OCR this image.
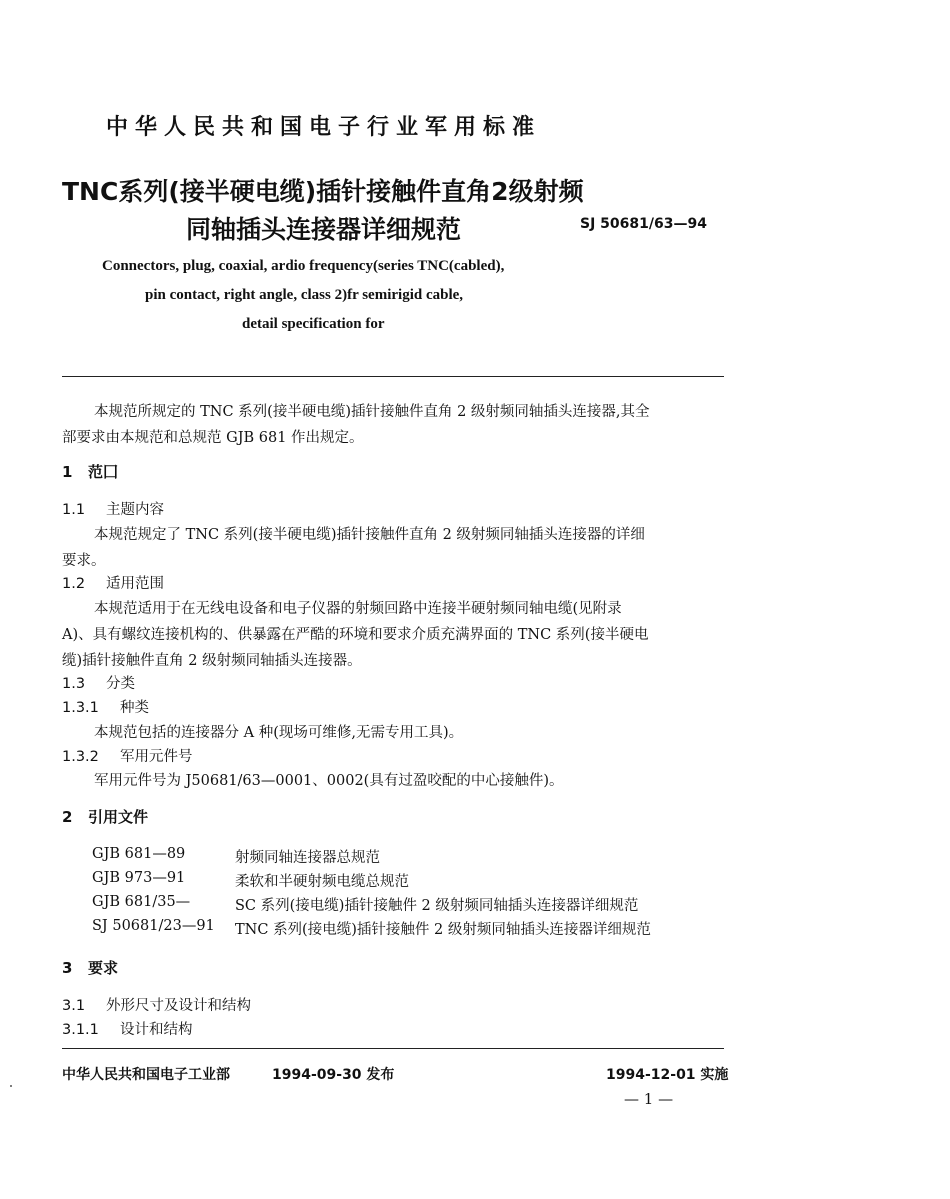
中华人民共和国电子行业军用标准
TNC系列(接半硬电缆)插针接触件直角2级射频
同轴插头连接器详细规范	SJ 50681/63—94
Connectors, plug, coaxial, ardio frequency(series TNC(cabled),
pin contact, right angle, class 2)fr semirigid cable,
detail specification for
本规范所规定的 TNC 系列(接半硬电缆)插针接触件直角 2 级射频同轴插头连接器,其全
部要求由本规范和总规范 GJB 681 作出规定。
1 范囗
1.1 主题内容
本规范规定了 TNC 系列(接半硬电缆)插针接触件直角 2 级射频同轴插头连接器的详细
要求。
1.2 适用范围
本规范适用于在无线电设备和电子仪器的射频回路中连接半硬射频同轴电缆(见附录
A)、具有螺纹连接机构的、供暴露在严酷的环境和要求介质充满界面的 TNC 系列(接半硬电
缆)插针接触件直角 2 级射频同轴插头连接器。
1.3 分类
1.3.1 种类
本规范包括的连接器分 A 种(现场可维修,无需专用工具)。
1.3.2 军用元件号
军用元件号为 J50681/63—0001、0002(具有过盈咬配的中心接触件)。
2 引用文件
GJB 681—89	射频同轴连接器总规范
GJB 973—91	柔软和半硬射频电缆总规范
GJB 681/35—	SC 系列(接电缆)插针接触件 2 级射频同轴插头连接器详细规范
SJ 50681/23—91 TNC 系列(接电缆)插针接触件 2 级射频同轴插头连接器详细规范
3 要求
3.1 外形尺寸及设计和结构
3.1.1 设计和结构
中华人民共和国电子工业部	1994-09-30 发布	1994-12-01 实施
— 1 —
